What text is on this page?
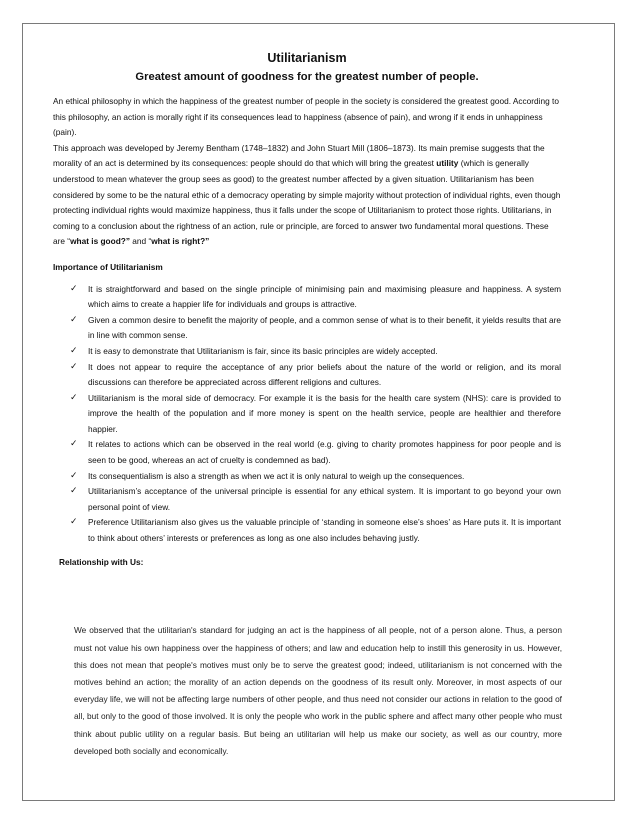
Utilitarianism
Greatest amount of goodness for the greatest number of people.

An ethical philosophy in which the happiness of the greatest number of people in the society is considered the greatest good. According to this philosophy, an action is morally right if its consequences lead to happiness (absence of pain), and wrong if it ends in unhappiness (pain).
This approach was developed by Jeremy Bentham (1748–1832) and John Stuart Mill (1806–1873). Its main premise suggests that the morality of an act is determined by its consequences: people should do that which will bring the greatest utility (which is generally understood to mean whatever the group sees as good) to the greatest number affected by a given situation. Utilitarianism has been considered by some to be the natural ethic of a democracy operating by simple majority without protection of individual rights, even though protecting individual rights would maximize happiness, thus it falls under the scope of Utilitarianism to protect those rights. Utilitarians, in coming to a conclusion about the rightness of an action, rule or principle, are forced to answer two fundamental moral questions. These are “what is good?” and “what is right?”

Importance of Utilitarianism
✓ It is straightforward and based on the single principle of minimising pain and maximising pleasure and happiness. A system which aims to create a happier life for individuals and groups is attractive.
✓ Given a common desire to benefit the majority of people, and a common sense of what is to their benefit, it yields results that are in line with common sense.
✓ It is easy to demonstrate that Utilitarianism is fair, since its basic principles are widely accepted.
✓ It does not appear to require the acceptance of any prior beliefs about the nature of the world or religion, and its moral discussions can therefore be appreciated across different religions and cultures.
✓ Utilitarianism is the moral side of democracy. For example it is the basis for the health care system (NHS): care is provided to improve the health of the population and if more money is spent on the health service, people are healthier and therefore happier.
✓ It relates to actions which can be observed in the real world (e.g. giving to charity promotes happiness for poor people and is seen to be good, whereas an act of cruelty is condemned as bad).
✓ Its consequentialism is also a strength as when we act it is only natural to weigh up the consequences.
✓ Utilitarianism’s acceptance of the universal principle is essential for any ethical system. It is important to go beyond your own personal point of view.
✓ Preference Utilitarianism also gives us the valuable principle of ‘standing in someone else’s shoes’ as Hare puts it. It is important to think about others’ interests or preferences as long as one also includes behaving justly.
Relationship with Us:

We observed that the utilitarian's standard for judging an act is the happiness of all people, not of a person alone. Thus, a person must not value his own happiness over the happiness of others; and law and education help to instill this generosity in us. However, this does not mean that people's motives must only be to serve the greatest good; indeed, utilitarianism is not concerned with the motives behind an action; the morality of an action depends on the goodness of its result only. Moreover, in most aspects of our everyday life, we will not be affecting large numbers of other people, and thus need not consider our actions in relation to the good of all, but only to the good of those involved. It is only the people who work in the public sphere and affect many other people who must think about public utility on a regular basis. But being an utilitarian will help us make our society, as well as our country, more developed both socially and economically.
